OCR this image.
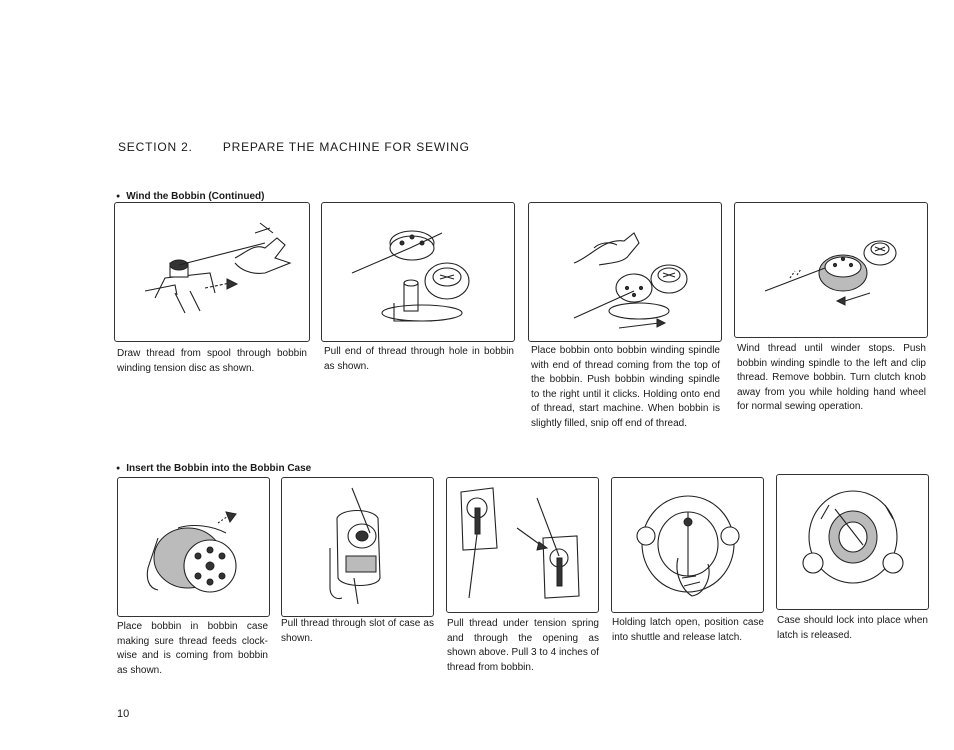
SECTION 2.	PREPARE THE MACHINE FOR SEWING
● Wind the Bobbin (Continued)
Draw thread from spool through bobbin winding tension disc as shown.
Pull end of thread through hole in bobbin as shown.
Place bobbin onto bobbin winding spindle with end of thread coming from the top of the bobbin. Push bobbin winding spindle to the right until it clicks. Holding onto end of thread, start machine. When bobbin is slightly filled, snip off end of thread.
Wind thread until winder stops. Push bobbin winding spindle to the left and clip thread. Remove bobbin. Turn clutch knob away from you while holding hand wheel for normal sewing operation.
● Insert the Bobbin into the Bobbin Case
Place bobbin in bobbin case making sure thread feeds clock-wise and is coming from bobbin as shown.
Pull thread through slot of case as shown.
Pull thread under tension spring and through the opening as shown above. Pull 3 to 4 inches of thread from bobbin.
Holding latch open, position case into shuttle and release latch.
Case should lock into place when latch is released.
10
